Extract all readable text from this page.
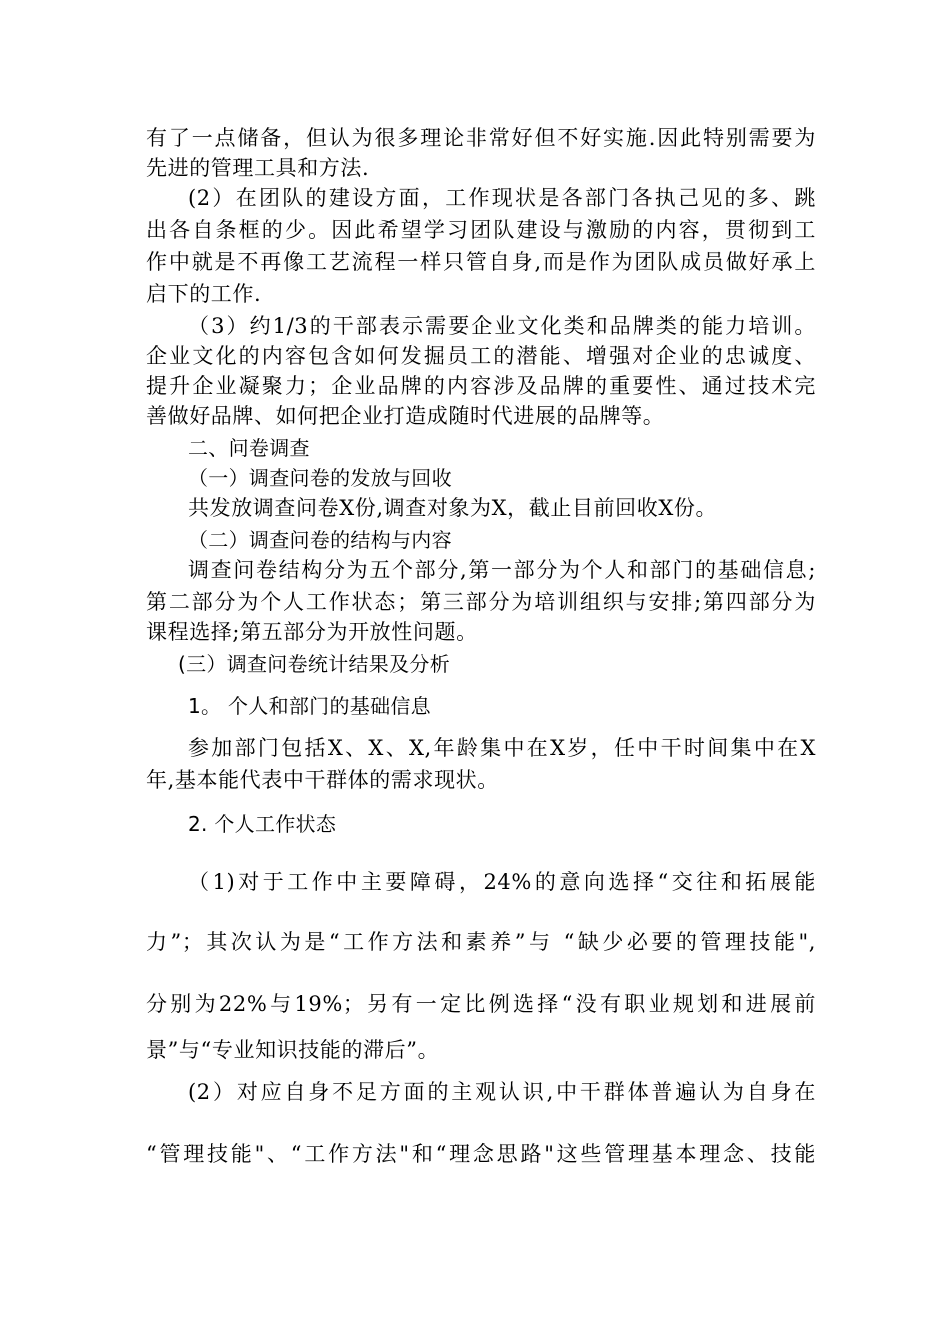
有了一点储备，但认为很多理论非常好但不好实施.因此特别需要为
先进的管理工具和方法.
(2）在团队的建设方面，工作现状是各部门各执己见的多、跳
出各自条框的少。因此希望学习团队建设与激励的内容，贯彻到工
作中就是不再像工艺流程一样只管自身,而是作为团队成员做好承上
启下的工作.
（3）约1/3的干部表示需要企业文化类和品牌类的能力培训。
企业文化的内容包含如何发掘员工的潜能、增强对企业的忠诚度、
提升企业凝聚力；企业品牌的内容涉及品牌的重要性、通过技术完
善做好品牌、如何把企业打造成随时代进展的品牌等。
二、问卷调查
（一）调查问卷的发放与回收
共发放调查问卷X份,调查对象为X，截止目前回收X份。
（二）调查问卷的结构与内容
调查问卷结构分为五个部分,第一部分为个人和部门的基础信息;
第二部分为个人工作状态；第三部分为培训组织与安排;第四部分为
课程选择;第五部分为开放性问题。
(三）调查问卷统计结果及分析
1。 个人和部门的基础信息
参加部门包括X、X、X,年龄集中在X岁，任中干时间集中在X
年,基本能代表中干群体的需求现状。
2. 个人工作状态
（1)对于工作中主要障碍，24%的意向选择“交往和拓展能
力”；其次认为是“工作方法和素养”与 “缺少必要的管理技能",
分别为22%与19%；另有一定比例选择“没有职业规划和进展前
景”与“专业知识技能的滞后”。
(2）对应自身不足方面的主观认识,中干群体普遍认为自身在
“管理技能"、“工作方法"和“理念思路"这些管理基本理念、技能
